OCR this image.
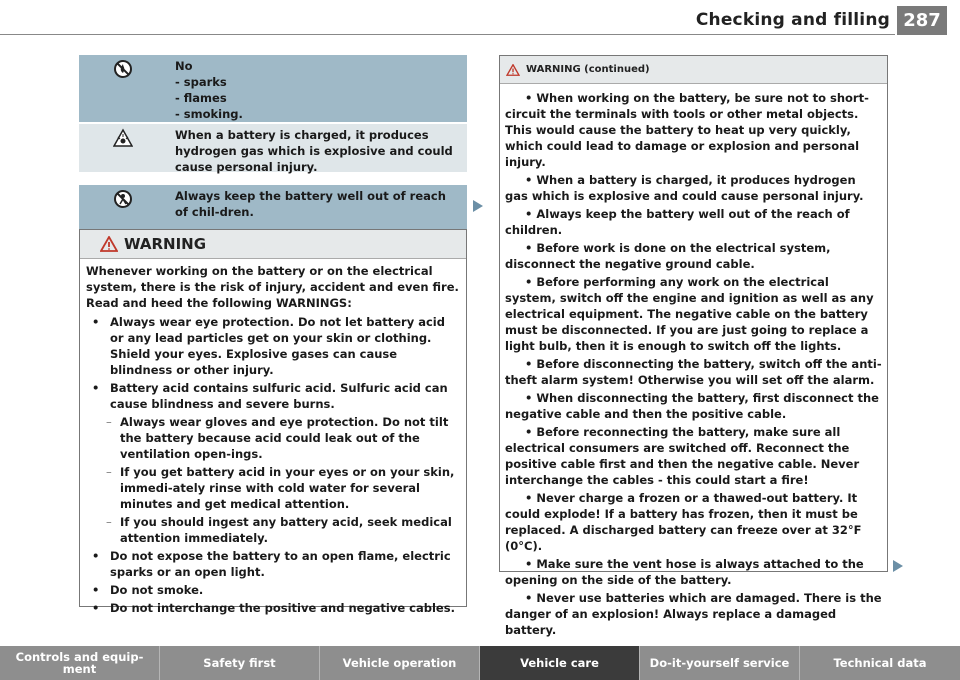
Checking and filling 287
No
- sparks
- flames
- smoking.
When a battery is charged, it produces hydrogen gas which is explosive and could cause personal injury.
Always keep the battery well out of reach of chil-dren.
WARNING

Whenever working on the battery or on the electrical system, there is the risk of injury, accident and even fire. Read and heed the following WARNINGS:

• Always wear eye protection. Do not let battery acid or any lead particles get on your skin or clothing. Shield your eyes. Explosive gases can cause blindness or other injury.

• Battery acid contains sulfuric acid. Sulfuric acid can cause blindness and severe burns.

– Always wear gloves and eye protection. Do not tilt the battery because acid could leak out of the ventilation open-ings.

– If you get battery acid in your eyes or on your skin, immedi-ately rinse with cold water for several minutes and get medical attention.

– If you should ingest any battery acid, seek medical attention immediately.

• Do not expose the battery to an open flame, electric sparks or an open light.

• Do not smoke.

• Do not interchange the positive and negative cables.

WARNING (continued)

• When working on the battery, be sure not to short-circuit the terminals with tools or other metal objects. This would cause the battery to heat up very quickly, which could lead to damage or explosion and personal injury.

• When a battery is charged, it produces hydrogen gas which is explosive and could cause personal injury.

• Always keep the battery well out of the reach of children.

• Before work is done on the electrical system, disconnect the negative ground cable.

• Before performing any work on the electrical system, switch off the engine and ignition as well as any electrical equipment. The negative cable on the battery must be disconnected. If you are just going to replace a light bulb, then it is enough to switch off the lights.

• Before disconnecting the battery, switch off the anti-theft alarm system! Otherwise you will set off the alarm.

• When disconnecting the battery, first disconnect the negative cable and then the positive cable.

• Before reconnecting the battery, make sure all electrical consumers are switched off. Reconnect the positive cable first and then the negative cable. Never interchange the cables - this could start a fire!

• Never charge a frozen or a thawed-out battery. It could explode! If a battery has frozen, then it must be replaced. A discharged battery can freeze over at 32°F (0°C).

• Make sure the vent hose is always attached to the opening on the side of the battery.

• Never use batteries which are damaged. There is the danger of an explosion! Always replace a damaged battery.

Controls and equip-ment	Safety first	Vehicle operation	Vehicle care	Do-it-yourself service	Technical data
